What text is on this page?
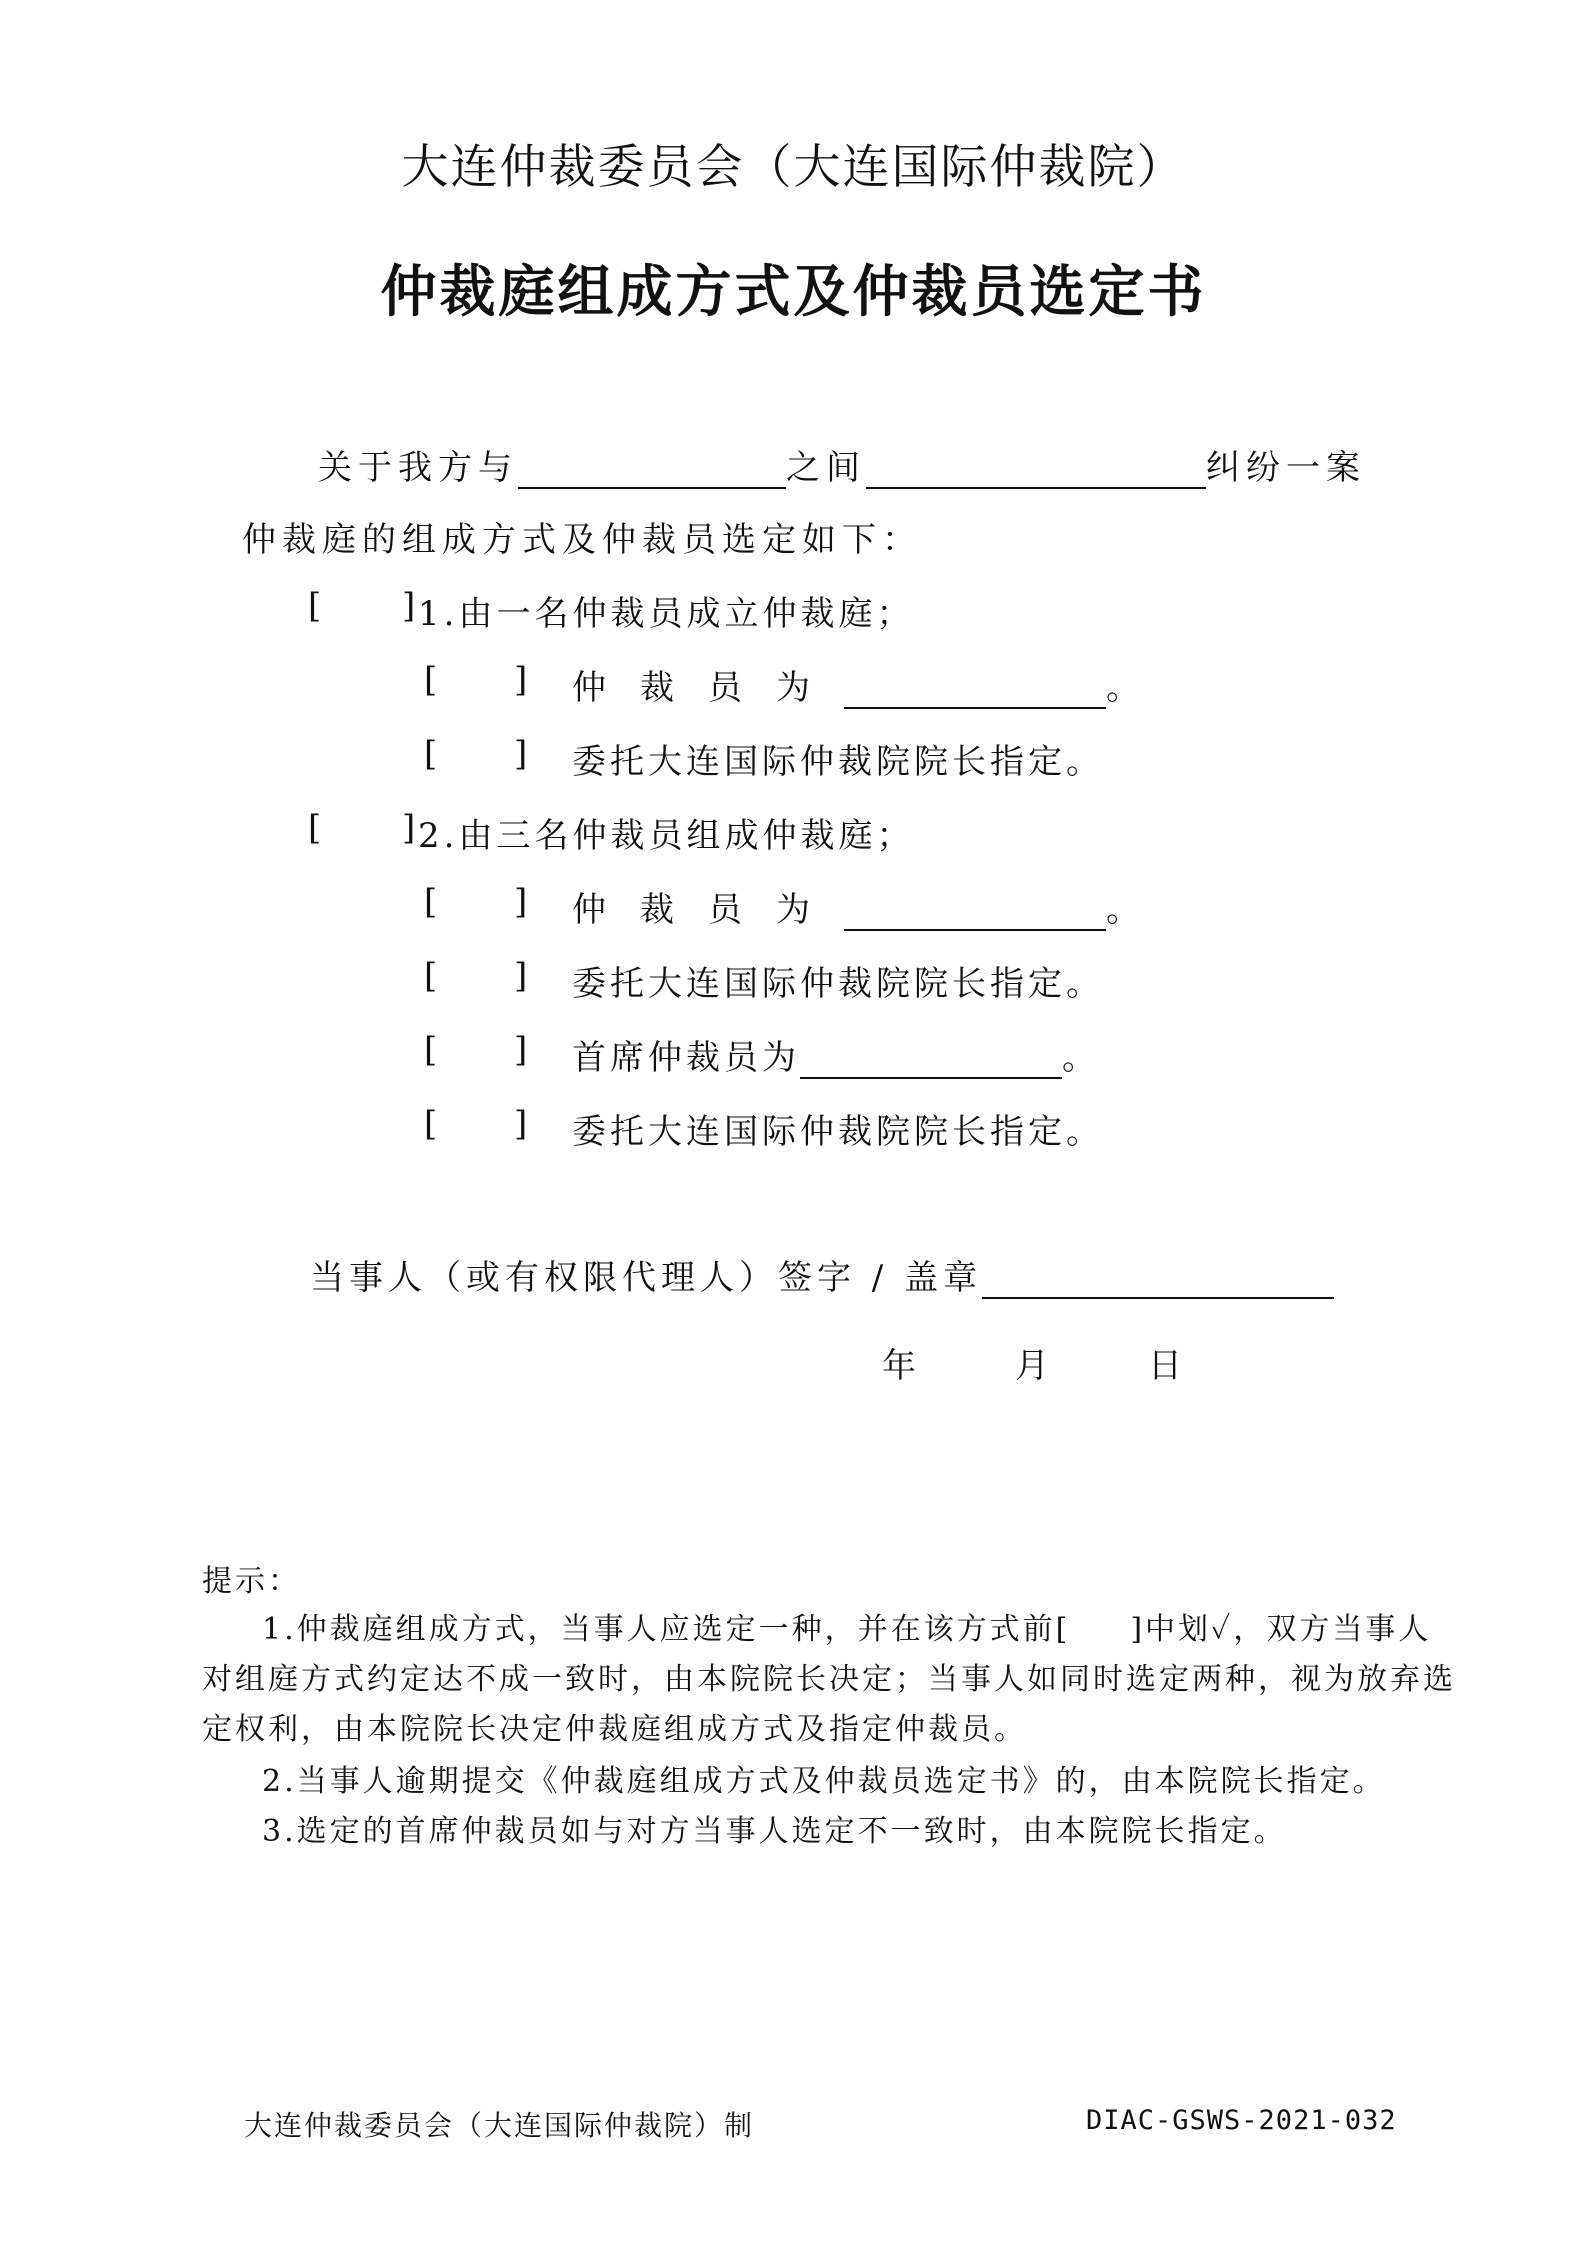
大连仲裁委员会（大连国际仲裁院）
仲裁庭组成方式及仲裁员选定书
关于我方与	之间	纠纷一案
仲裁庭的组成方式及仲裁员选定如下：
[ ] 1.由一名仲裁员成立仲裁庭；
[ ] 仲裁员为	。
[ ] 委托大连国际仲裁院院长指定。
[ ] 2.由三名仲裁员组成仲裁庭；
[ ] 仲裁员为	。
[ ] 委托大连国际仲裁院院长指定。
[ ] 首席仲裁员为	。
[ ] 委托大连国际仲裁院院长指定。
当事人（或有权限代理人）签字 / 盖章
年	月	日
提示：
1.仲裁庭组成方式，当事人应选定一种，并在该方式前[ ]中划✓，双方当事人
对组庭方式约定达不成一致时，由本院院长决定；当事人如同时选定两种，视为放弃选
定权利，由本院院长决定仲裁庭组成方式及指定仲裁员。
2.当事人逾期提交《仲裁庭组成方式及仲裁员选定书》的，由本院院长指定。
3.选定的首席仲裁员如与对方当事人选定不一致时，由本院院长指定。
大连仲裁委员会（大连国际仲裁院）制	DIAC-GSWS-2021-032
